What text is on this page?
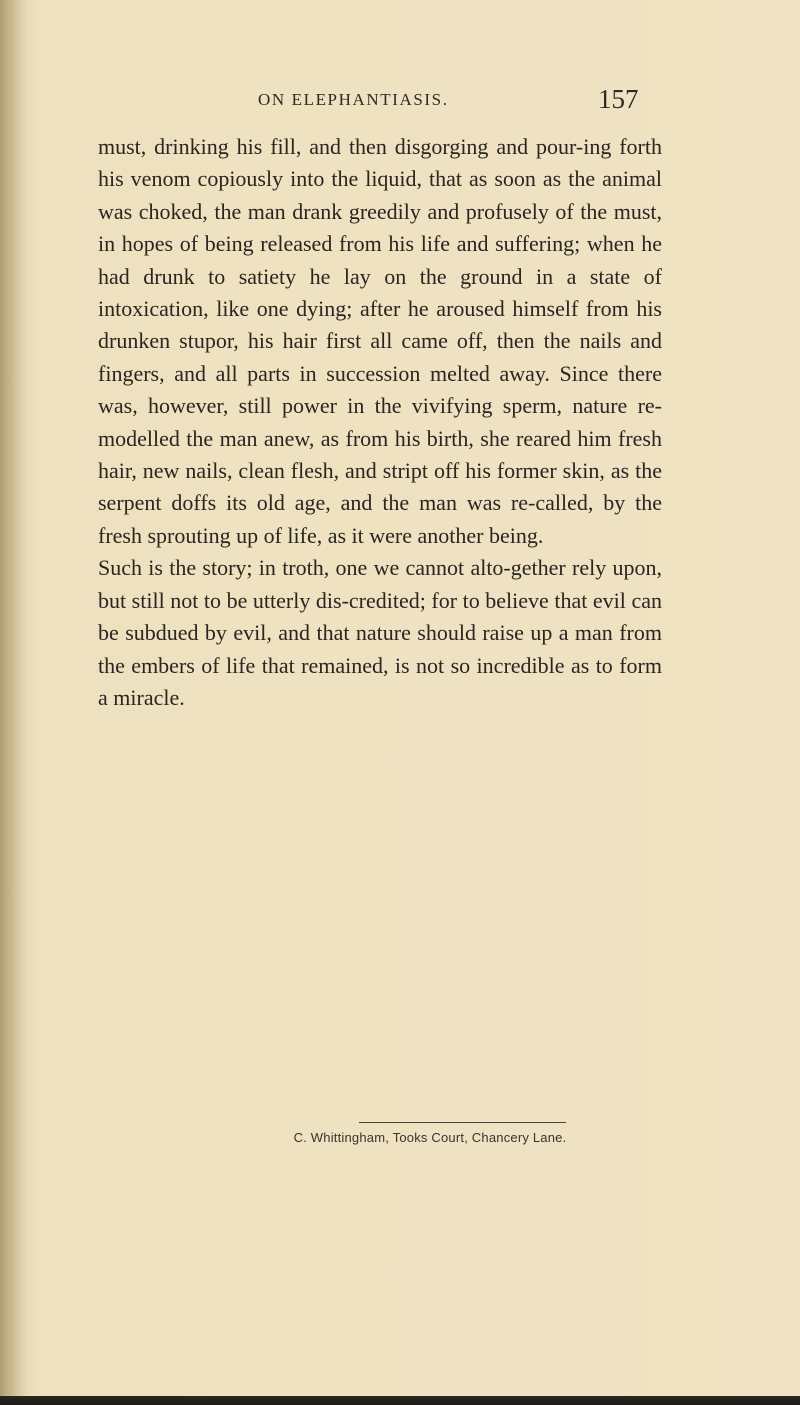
ON ELEPHANTIASIS.	157

must, drinking his fill, and then disgorging and pour-ing forth his venom copiously into the liquid, that as soon as the animal was choked, the man drank greedily and profusely of the must, in hopes of being released from his life and suffering; when he had drunk to satiety he lay on the ground in a state of intoxication, like one dying; after he aroused himself from his drunken stupor, his hair first all came off, then the nails and fingers, and all parts in succession melted away. Since there was, however, still power in the vivifying sperm, nature re-modelled the man anew, as from his birth, she reared him fresh hair, new nails, clean flesh, and stript off his former skin, as the serpent doffs its old age, and the man was re-called, by the fresh sprouting up of life, as it were another being.

Such is the story; in troth, one we cannot alto-gether rely upon, but still not to be utterly dis-credited; for to believe that evil can be subdued by evil, and that nature should raise up a man from the embers of life that remained, is not so incredible as to form a miracle.

C. Whittingham, Tooks Court, Chancery Lane.
